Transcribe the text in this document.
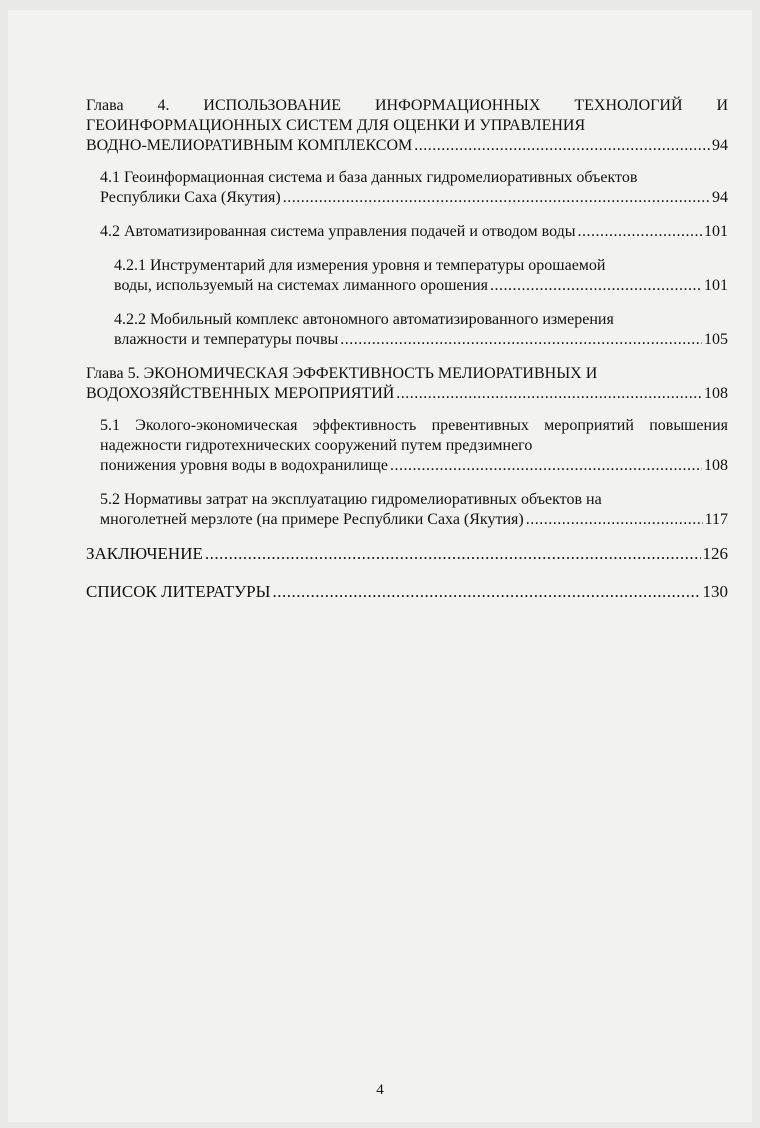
Глава 4. ИСПОЛЬЗОВАНИЕ ИНФОРМАЦИОННЫХ ТЕХНОЛОГИЙ И ГЕОИНФОРМАЦИОННЫХ СИСТЕМ ДЛЯ ОЦЕНКИ И УПРАВЛЕНИЯ
ВОДНО-МЕЛИОРАТИВНЫМ КОМПЛЕКСОМ .....	94
4.1 Геоинформационная система и база данных гидромелиоративных объектов
Республики Саха (Якутия) .....	94
4.2 Автоматизированная система управления подачей и отводом воды .....	101
4.2.1 Инструментарий для измерения уровня и температуры орошаемой
воды, используемый на системах лиманного орошения .....	101
4.2.2 Мобильный комплекс автономного автоматизированного измерения
влажности и температуры почвы .....	105
Глава 5. ЭКОНОМИЧЕСКАЯ ЭФФЕКТИВНОСТЬ МЕЛИОРАТИВНЫХ И
ВОДОХОЗЯЙСТВЕННЫХ МЕРОПРИЯТИЙ .....	108
5.1 Эколого-экономическая эффективность превентивных мероприятий повышения надежности гидротехнических сооружений путем предзимнего
понижения уровня воды в водохранилище .....	108
5.2 Нормативы затрат на эксплуатацию гидромелиоративных объектов на
многолетней мерзлоте (на примере Республики Саха (Якутия) .....	117
ЗАКЛЮЧЕНИЕ .....	126
СПИСОК ЛИТЕРАТУРЫ .....	130
4
